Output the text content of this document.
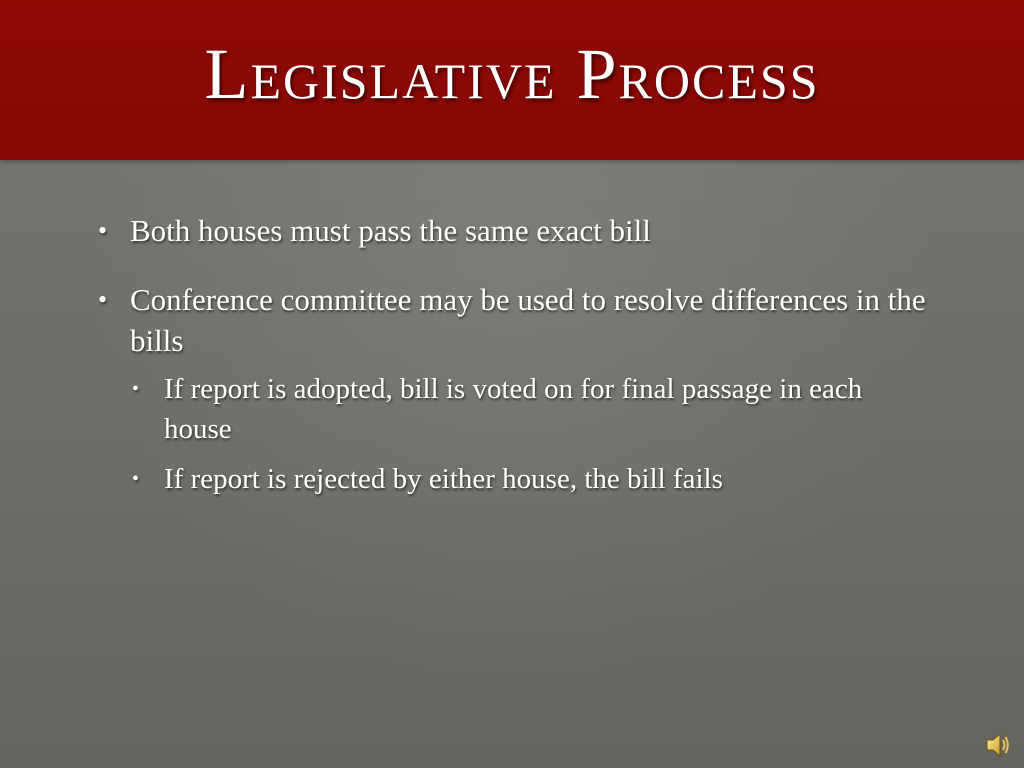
Legislative Process
• Both houses must pass the same exact bill
• Conference committee may be used to resolve differences in the bills
• If report is adopted, bill is voted on for final passage in each house
• If report is rejected by either house, the bill fails
